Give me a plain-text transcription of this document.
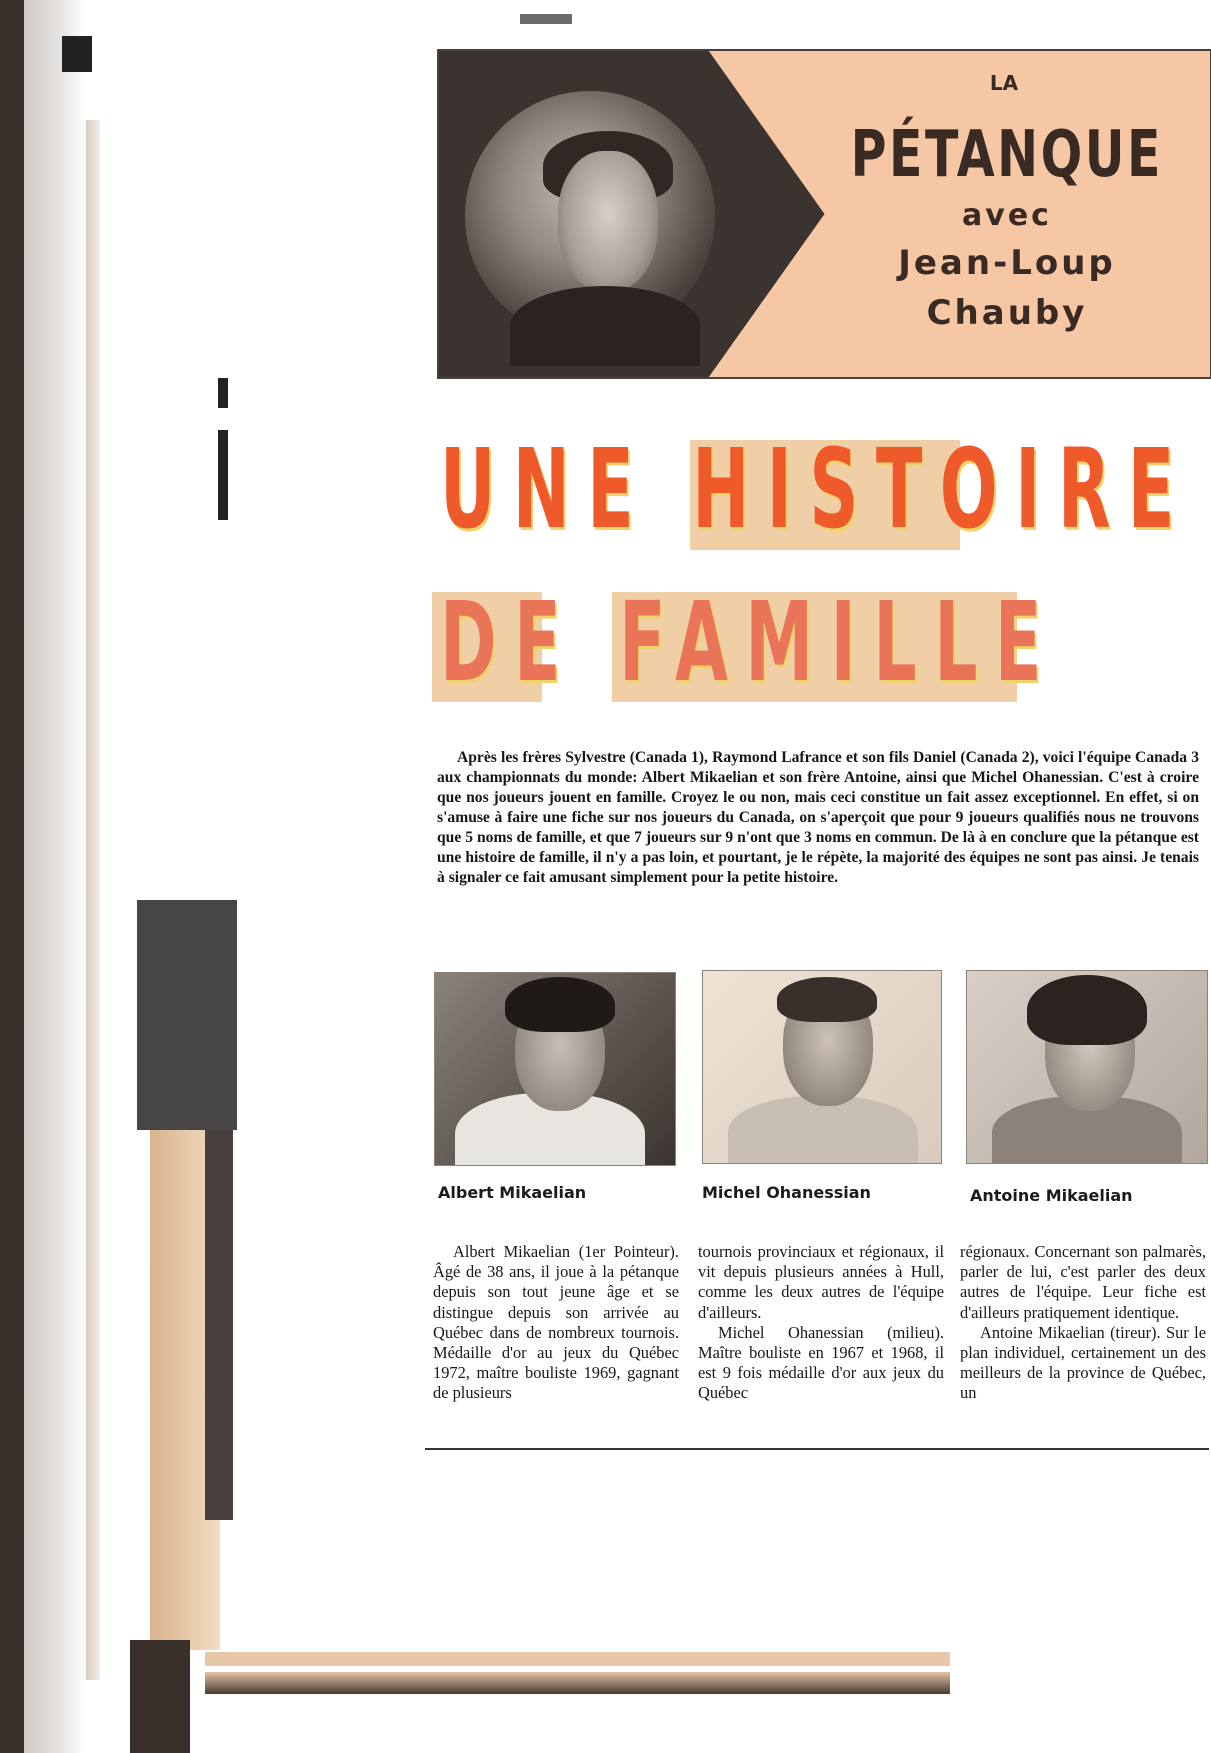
LAPÉTANQUE
avec
Jean-Loup
Chauby
UNE HISTOIRE
DE FAMILLE
Après les frères Sylvestre (Canada 1), Raymond Lafrance et son fils Daniel (Canada 2), voici l'équipe Canada 3 aux championnats du monde: Albert Mikaelian et son frère Antoine, ainsi que Michel Ohanessian. C'est à croire que nos joueurs jouent en famille. Croyez le ou non, mais ceci constitue un fait assez exceptionnel. En effet, si on s'amuse à faire une fiche sur nos joueurs du Canada, on s'aperçoit que pour 9 joueurs qualifiés nous ne trouvons que 5 noms de famille, et que 7 joueurs sur 9 n'ont que 3 noms en commun. De là à en conclure que la pétanque est une histoire de famille, il n'y a pas loin, et pourtant, je le répète, la majorité des équipes ne sont pas ainsi. Je tenais à signaler ce fait amusant simplement pour la petite histoire.
Albert Mikaelian	Michel Ohanessian	Antoine Mikaelian

Albert Mikaelian (1er Pointeur). Âgé de 38 ans, il joue à la pétanque depuis son tout jeune âge et se distingue depuis son arrivée au Québec dans de nombreux tournois. Médaille d'or au jeux du Québec 1972, maître bouliste 1969, gagnant de plusieurs

tournois provinciaux et régionaux, il vit depuis plusieurs années à Hull, comme les deux autres de l'équipe d'ailleurs.

Michel Ohanessian (milieu). Maître bouliste en 1967 et 1968, il est 9 fois médaille d'or aux jeux du Québec

régionaux. Concernant son palmarès, parler de lui, c'est parler des deux autres de l'équipe. Leur fiche est d'ailleurs pratiquement identique.

Antoine Mikaelian (tireur). Sur le plan individuel, certainement un des meilleurs de la province de Québec, un
